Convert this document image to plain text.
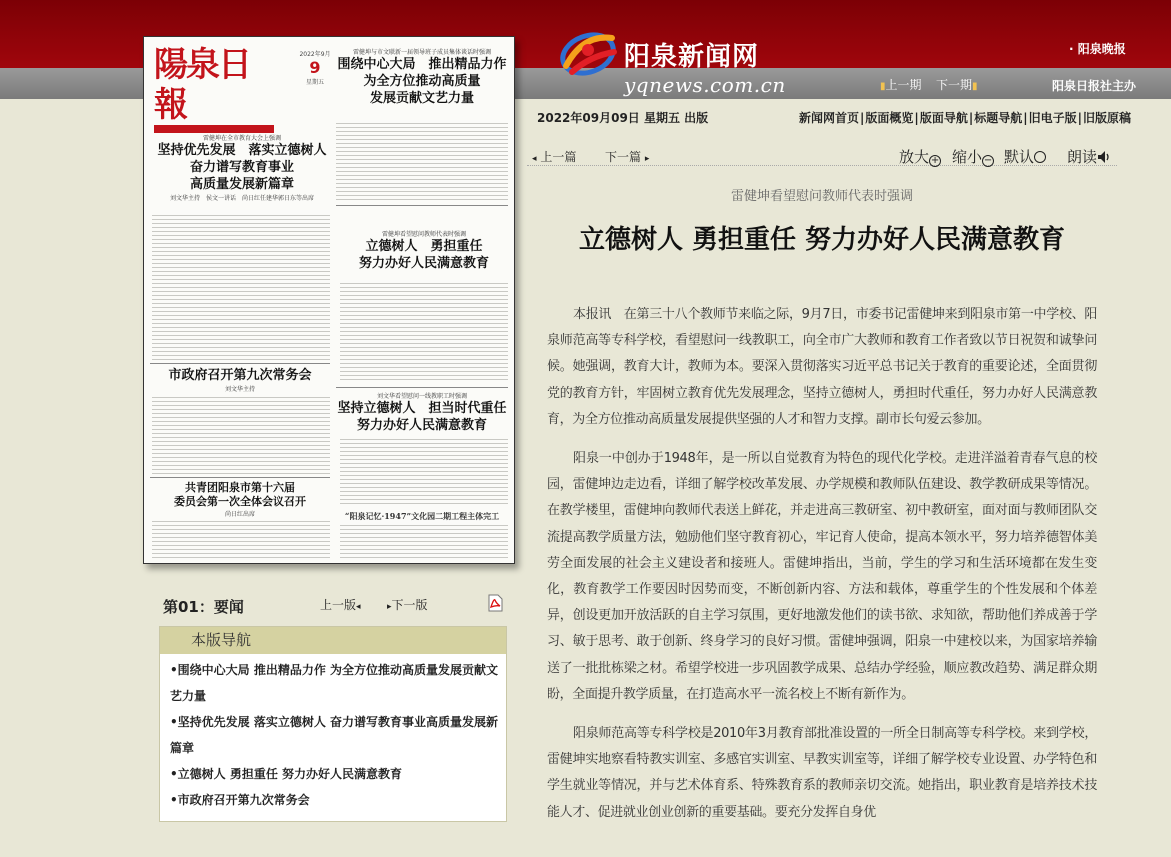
阳泉新闻网
yqnews.com.cn
· 阳泉晚报
▮上一期 下一期▮	阳泉日报社主办
陽泉日報
2022年9月
9
星期五
雷健坤与市文联新一届领导班子成员集体谈话时强调
围绕中心大局　推出精品力作
为全方位推动高质量
发展贡献文艺力量
雷健坤在全市教育大会上强调
坚持优先发展　落实立德树人
奋力谱写教育事业
高质量发展新篇章
刘文华主持　侯文一讲话　尚日红任建华郭日东等出席
雷健坤看望慰问教师代表时强调
立德树人　勇担重任
努力办好人民满意教育
市政府召开第九次常务会
刘文华主持
刘文华看望慰问一线教职工时强调
坚持立德树人　担当时代重任
努力办好人民满意教育
共青团阳泉市第十六届
委员会第一次全体会议召开
尚日红出席	“阳泉记忆·1947”文化园二期工程主体完工
第01：要闻	上一版◂	▸下一版
本版导航
•围绕中心大局 推出精品力作 为全方位推动高质量发展贡献文艺力量
•坚持优先发展 落实立德树人 奋力谱写教育事业高质量发展新篇章
•立德树人 勇担重任 努力办好人民满意教育
•市政府召开第九次常务会
2022年09月09日 星期五 出版	新闻网首页|版面概览|版面导航|标题导航|旧电子版|旧版原稿
◂ 上一篇 下一篇 ▸	放大 + 缩小 − 默认	朗读
雷健坤看望慰问教师代表时强调
立德树人 勇担重任 努力办好人民满意教育

本报讯　在第三十八个教师节来临之际，9月7日，市委书记雷健坤来到阳泉市第一中学校、阳泉师范高等专科学校，看望慰问一线教职工，向全市广大教师和教育工作者致以节日祝贺和诚挚问候。她强调，教育大计，教师为本。要深入贯彻落实习近平总书记关于教育的重要论述，全面贯彻党的教育方针，牢固树立教育优先发展理念，坚持立德树人，勇担时代重任，努力办好人民满意教育，为全方位推动高质量发展提供坚强的人才和智力支撑。副市长句爱云参加。

阳泉一中创办于1948年，是一所以自觉教育为特色的现代化学校。走进洋溢着青春气息的校园，雷健坤边走边看，详细了解学校改革发展、办学规模和教师队伍建设、教学教研成果等情况。在教学楼里，雷健坤向教师代表送上鲜花，并走进高三教研室、初中教研室，面对面与教师团队交流提高教学质量方法，勉励他们坚守教育初心，牢记育人使命，提高本领水平，努力培养德智体美劳全面发展的社会主义建设者和接班人。雷健坤指出，当前，学生的学习和生活环境都在发生变化，教育教学工作要因时因势而变，不断创新内容、方法和载体，尊重学生的个性发展和个体差异，创设更加开放活跃的自主学习氛围，更好地激发他们的读书欲、求知欲，帮助他们养成善于学习、敏于思考、敢于创新、终身学习的良好习惯。雷健坤强调，阳泉一中建校以来，为国家培养输送了一批批栋梁之材。希望学校进一步巩固教学成果、总结办学经验，顺应教改趋势、满足群众期盼，全面提升教学质量，在打造高水平一流名校上不断有新作为。

阳泉师范高等专科学校是2010年3月教育部批准设置的一所全日制高等专科学校。来到学校，雷健坤实地察看特教实训室、多感官实训室、早教实训室等，详细了解学校专业设置、办学特色和学生就业等情况，并与艺术体育系、特殊教育系的教师亲切交流。她指出，职业教育是培养技术技能人才、促进就业创业创新的重要基础。要充分发挥自身优
